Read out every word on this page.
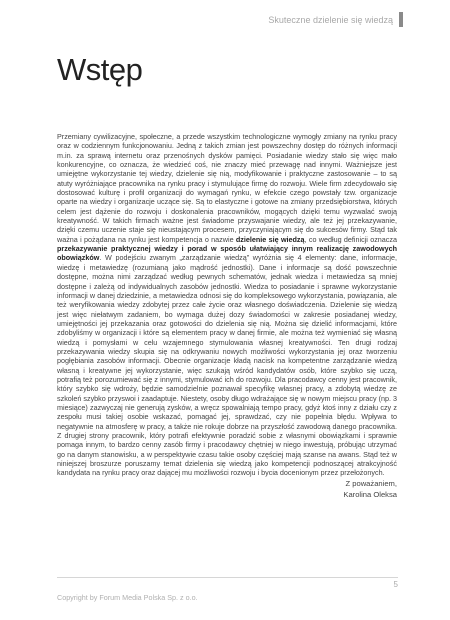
Skuteczne dzielenie się wiedzą
Wstęp

Przemiany cywilizacyjne, społeczne, a przede wszystkim technologiczne wymogły zmiany na rynku pracy oraz w codziennym funkcjonowaniu. Jedną z takich zmian jest powszechny dostęp do różnych informacji m.in. za sprawą internetu oraz przenośnych dysków pamięci. Posiadanie wiedzy stało się więc mało konkurencyjne, co oznacza, że wiedzieć coś, nie znaczy mieć przewagę nad innymi. Ważniejsze jest umiejętne wykorzystanie tej wiedzy, dzielenie się nią, modyfikowanie i praktyczne zastosowanie – to są atuty wyróżniające pracownika na rynku pracy i stymulujące firmę do rozwoju. Wiele firm zdecydowało się dostosować kulturę i profil organizacji do wymagań rynku, w efekcie czego powstały tzw. organizacje oparte na wiedzy i organizacje uczące się. Są to elastyczne i gotowe na zmiany przedsiębiorstwa, których celem jest dążenie do rozwoju i doskonalenia pracowników, mogących dzięki temu wyzwalać swoją kreatywność. W takich firmach ważne jest świadome przyswajanie wiedzy, ale też jej przekazywanie, dzięki czemu uczenie staje się nieustającym procesem, przyczyniającym się do sukcesów firmy. Stąd tak ważna i pożądana na rynku jest kompetencja o nazwie dzielenie się wiedzą, co według definicji oznacza przekazywanie praktycznej wiedzy i porad w sposób ułatwiający innym realizację zawodowych obowiązków. W podejściu zwanym „zarządzanie wiedzą” wyróżnia się 4 elementy: dane, informacje, wiedzę i metawiedzę (rozumianą jako mądrość jednostki). Dane i informacje są dość powszechnie dostępne, można nimi zarządzać według pewnych schematów, jednak wiedza i metawiedza są mniej dostępne i zależą od indywidualnych zasobów jednostki. Wiedza to posiadanie i sprawne wykorzystanie informacji w danej dziedzinie, a metawiedza odnosi się do kompleksowego wykorzystania, powiązania, ale też weryfikowania wiedzy zdobytej przez całe życie oraz własnego doświadczenia. Dzielenie się wiedzą jest więc niełatwym zadaniem, bo wymaga dużej dozy świadomości w zakresie posiadanej wiedzy, umiejętności jej przekazania oraz gotowości do dzielenia się nią. Można się dzielić informacjami, które zdobyliśmy w organizacji i które są elementem pracy w danej firmie, ale można też wymieniać się własną wiedzą i pomysłami w celu wzajemnego stymulowania własnej kreatywności. Ten drugi rodzaj przekazywania wiedzy skupia się na odkrywaniu nowych możliwości wykorzystania jej oraz tworzeniu pogłębiania zasobów informacji. Obecnie organizacje kładą nacisk na kompetentne zarządzanie wiedzą własną i kreatywne jej wykorzystanie, więc szukają wśród kandydatów osób, które szybko się uczą, potrafią też porozumiewać się z innymi, stymulować ich do rozwoju. Dla pracodawcy cenny jest pracownik, który szybko się wdroży, będzie samodzielnie poznawał specyfikę własnej pracy, a zdobytą wiedzę ze szkoleń szybko przyswoi i zaadaptuje. Niestety, osoby długo wdrażające się w nowym miejscu pracy (np. 3 miesiące) zazwyczaj nie generują zysków, a wręcz spowalniają tempo pracy, gdyż ktoś inny z działu czy z zespołu musi takiej osobie wskazać, pomagać jej, sprawdzać, czy nie popełnia błędu. Wpływa to negatywnie na atmosferę w pracy, a także nie rokuje dobrze na przyszłość zawodową danego pracownika. Z drugiej strony pracownik, który potrafi efektywnie poradzić sobie z własnymi obowiązkami i sprawnie pomaga innym, to bardzo cenny zasób firmy i pracodawcy chętniej w niego inwestują, próbując utrzymać go na danym stanowisku, a w perspektywie czasu takie osoby częściej mają szanse na awans. Stąd też w niniejszej broszurze poruszamy temat dzielenia się wiedzą jako kompetencji podnoszącej atrakcyjność kandydata na rynku pracy oraz dającej mu możliwości rozwoju i bycia docenionym przez przełożonych.

Z poważaniem,
Karolina Oleksa
5
Copyright by Forum Media Polska Sp. z o.o.
